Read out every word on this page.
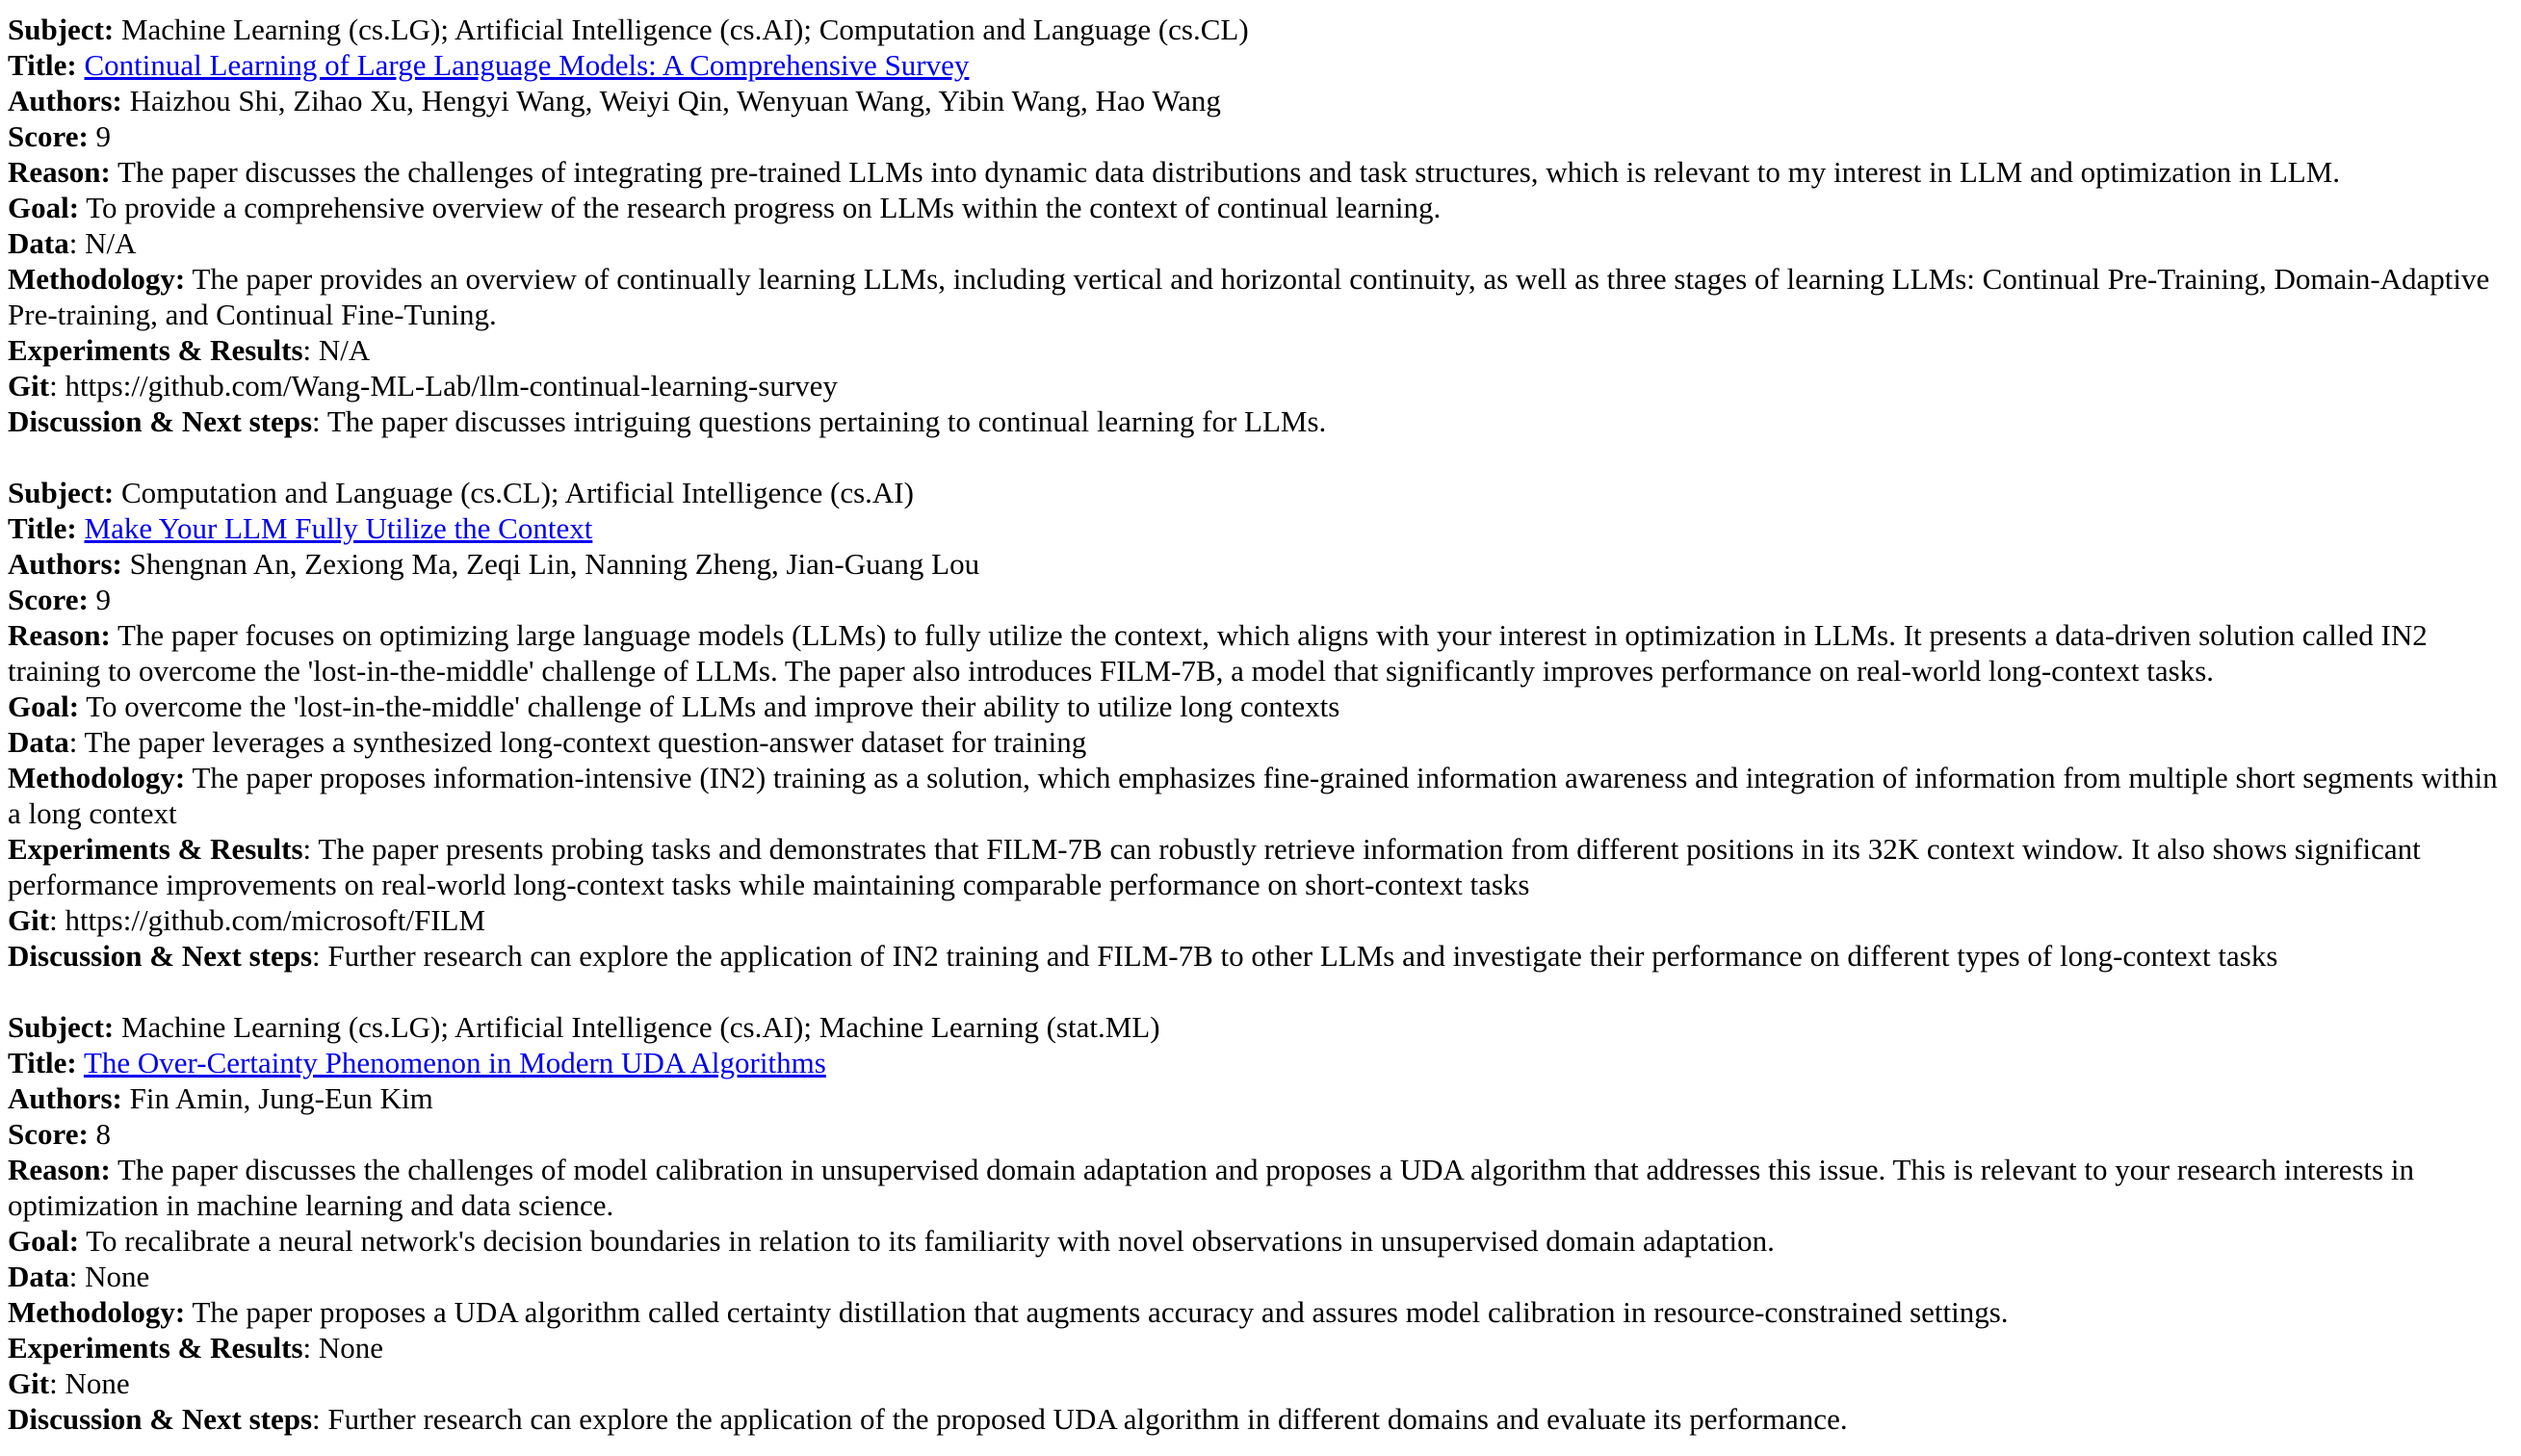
Subject: Machine Learning (cs.LG); Artificial Intelligence (cs.AI); Computation and Language (cs.CL)
Title: Continual Learning of Large Language Models: A Comprehensive Survey
Authors: Haizhou Shi, Zihao Xu, Hengyi Wang, Weiyi Qin, Wenyuan Wang, Yibin Wang, Hao Wang
Score: 9
Reason: The paper discusses the challenges of integrating pre-trained LLMs into dynamic data distributions and task structures, which is relevant to my interest in LLM and optimization in LLM.
Goal: To provide a comprehensive overview of the research progress on LLMs within the context of continual learning.
Data: N/A
Methodology: The paper provides an overview of continually learning LLMs, including vertical and horizontal continuity, as well as three stages of learning LLMs: Continual Pre-Training, Domain-Adaptive Pre-training, and Continual Fine-Tuning.
Experiments & Results: N/A
Git: https://github.com/Wang-ML-Lab/llm-continual-learning-survey
Discussion & Next steps: The paper discusses intriguing questions pertaining to continual learning for LLMs.
Subject: Computation and Language (cs.CL); Artificial Intelligence (cs.AI)
Title: Make Your LLM Fully Utilize the Context
Authors: Shengnan An, Zexiong Ma, Zeqi Lin, Nanning Zheng, Jian-Guang Lou
Score: 9
Reason: The paper focuses on optimizing large language models (LLMs) to fully utilize the context, which aligns with your interest in optimization in LLMs. It presents a data-driven solution called IN2 training to overcome the 'lost-in-the-middle' challenge of LLMs. The paper also introduces FILM-7B, a model that significantly improves performance on real-world long-context tasks.
Goal: To overcome the 'lost-in-the-middle' challenge of LLMs and improve their ability to utilize long contexts
Data: The paper leverages a synthesized long-context question-answer dataset for training
Methodology: The paper proposes information-intensive (IN2) training as a solution, which emphasizes fine-grained information awareness and integration of information from multiple short segments within a long context
Experiments & Results: The paper presents probing tasks and demonstrates that FILM-7B can robustly retrieve information from different positions in its 32K context window. It also shows significant performance improvements on real-world long-context tasks while maintaining comparable performance on short-context tasks
Git: https://github.com/microsoft/FILM
Discussion & Next steps: Further research can explore the application of IN2 training and FILM-7B to other LLMs and investigate their performance on different types of long-context tasks
Subject: Machine Learning (cs.LG); Artificial Intelligence (cs.AI); Machine Learning (stat.ML)
Title: The Over-Certainty Phenomenon in Modern UDA Algorithms
Authors: Fin Amin, Jung-Eun Kim
Score: 8
Reason: The paper discusses the challenges of model calibration in unsupervised domain adaptation and proposes a UDA algorithm that addresses this issue. This is relevant to your research interests in optimization in machine learning and data science.
Goal: To recalibrate a neural network's decision boundaries in relation to its familiarity with novel observations in unsupervised domain adaptation.
Data: None
Methodology: The paper proposes a UDA algorithm called certainty distillation that augments accuracy and assures model calibration in resource-constrained settings.
Experiments & Results: None
Git: None
Discussion & Next steps: Further research can explore the application of the proposed UDA algorithm in different domains and evaluate its performance.
